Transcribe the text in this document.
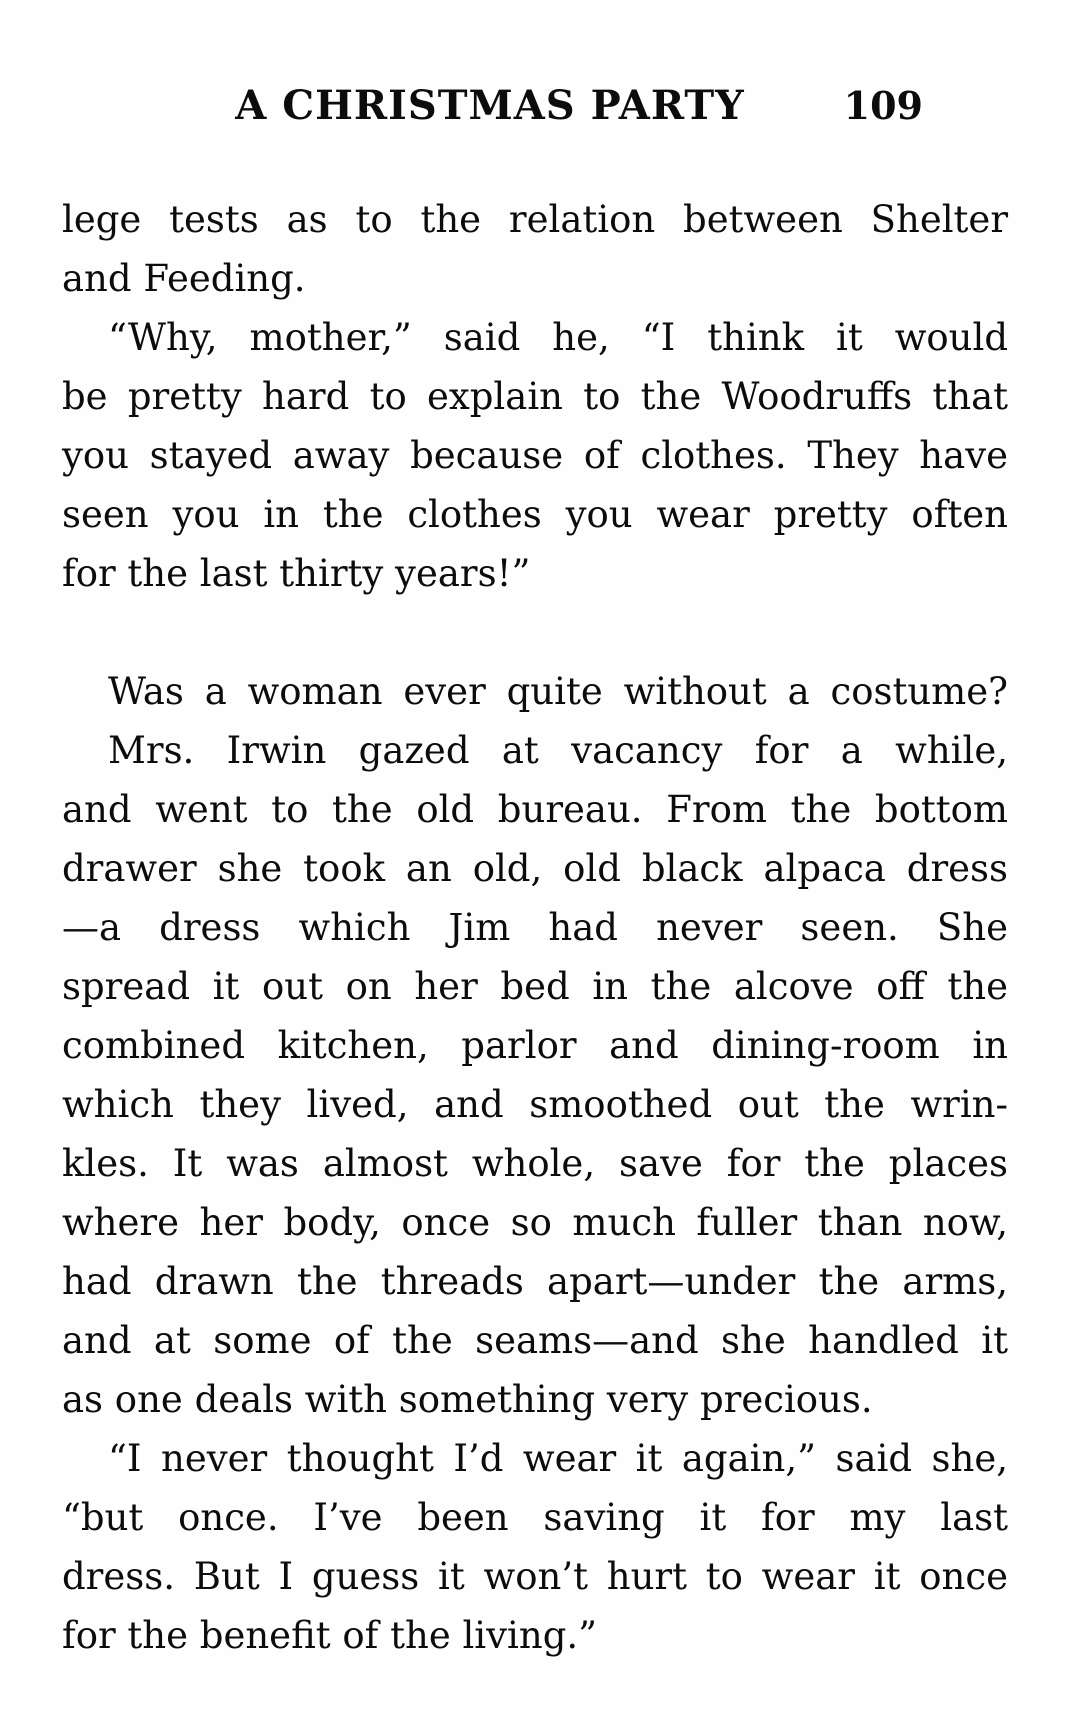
A CHRISTMAS PARTY	109
lege tests as to the relation between Shelter
and Feeding.
“Why, mother,” said he, “I think it would
be pretty hard to explain to the Woodruffs that
you stayed away because of clothes. They have
seen you in the clothes you wear pretty often
for the last thirty years!”
Was a woman ever quite without a costume?
Mrs. Irwin gazed at vacancy for a while,
and went to the old bureau. From the bottom
drawer she took an old, old black alpaca dress
—a dress which Jim had never seen. She
spread it out on her bed in the alcove off the
combined kitchen, parlor and dining-room in
which they lived, and smoothed out the wrin-
kles. It was almost whole, save for the places
where her body, once so much fuller than now,
had drawn the threads apart—under the arms,
and at some of the seams—and she handled it
as one deals with something very precious.
“I never thought I’d wear it again,” said she,
“but once. I’ve been saving it for my last
dress. But I guess it won’t hurt to wear it once
for the benefit of the living.”
